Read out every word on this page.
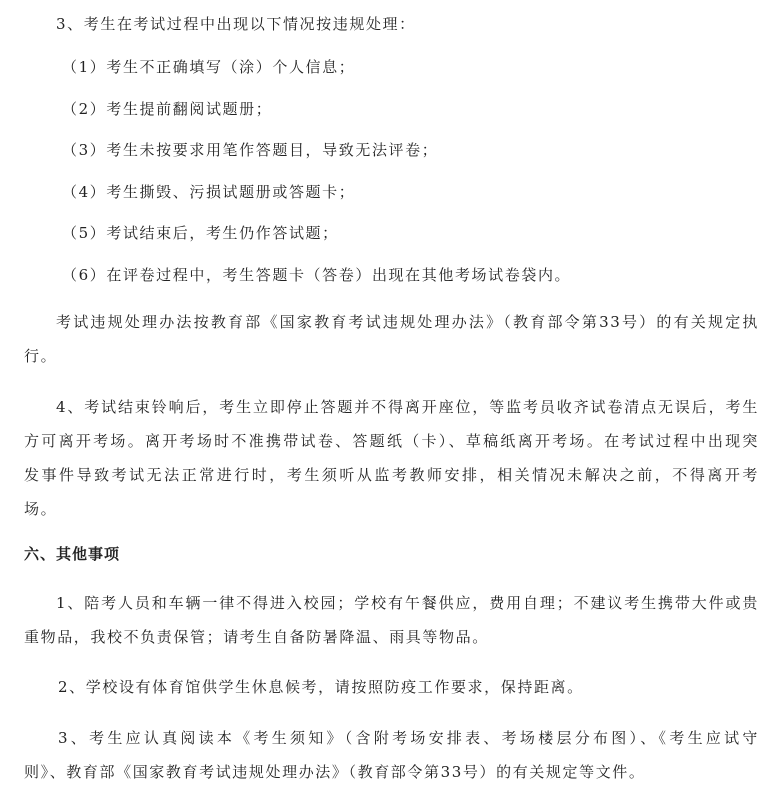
3、考生在考试过程中出现以下情况按违规处理：
（1）考生不正确填写（涂）个人信息；
（2）考生提前翻阅试题册；
（3）考生未按要求用笔作答题目，导致无法评卷；
（4）考生撕毁、污损试题册或答题卡；
（5）考试结束后，考生仍作答试题；
（6）在评卷过程中，考生答题卡（答卷）出现在其他考场试卷袋内。
考试违规处理办法按教育部《国家教育考试违规处理办法》（教育部令第33号）的有关规定执
行。
4、考试结束铃响后，考生立即停止答题并不得离开座位，等监考员收齐试卷清点无误后，考生
方可离开考场。离开考场时不准携带试卷、答题纸（卡）、草稿纸离开考场。在考试过程中出现突
发事件导致考试无法正常进行时，考生须听从监考教师安排，相关情况未解决之前，不得离开考
场。
六、其他事项
1、陪考人员和车辆一律不得进入校园；学校有午餐供应，费用自理；不建议考生携带大件或贵
重物品，我校不负责保管；请考生自备防暑降温、雨具等物品。
2、学校设有体育馆供学生休息候考，请按照防疫工作要求，保持距离。
3、考生应认真阅读本《考生须知》（含附考场安排表、考场楼层分布图）、《考生应试守
则》、教育部《国家教育考试违规处理办法》（教育部令第33号）的有关规定等文件。
